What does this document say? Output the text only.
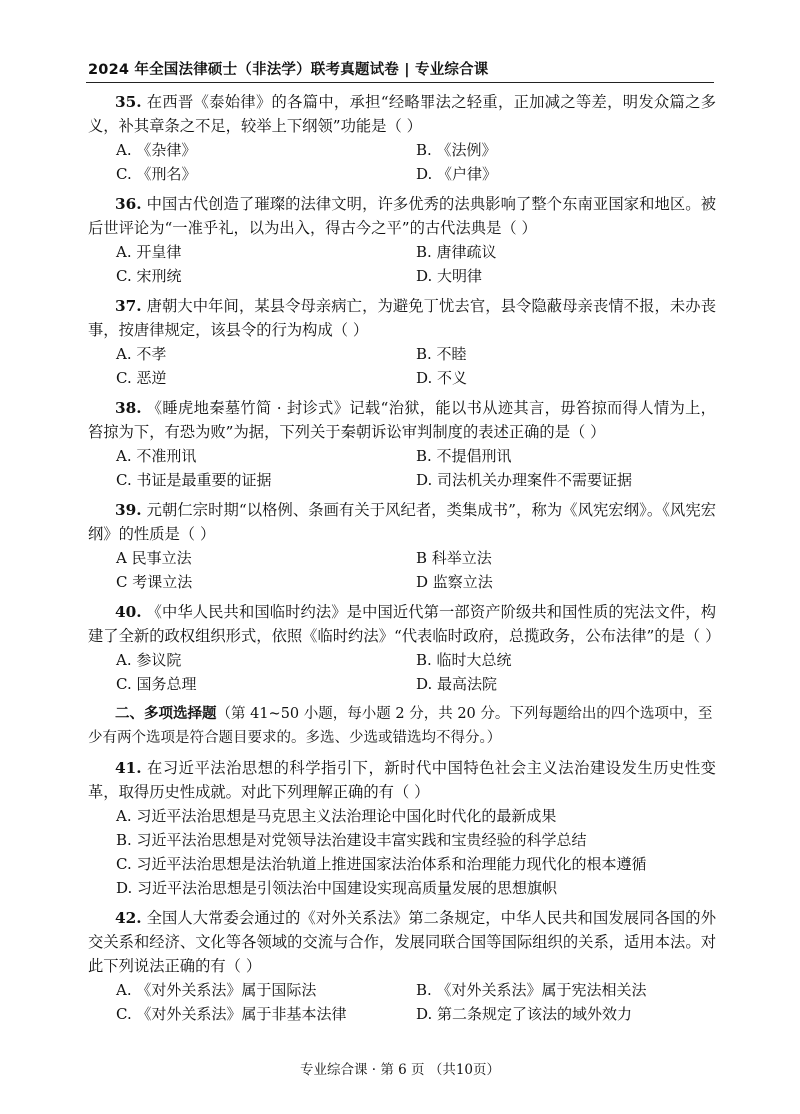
2024 年全国法律硕士（非法学）联考真题试卷 | 专业综合课
35. 在西晋《泰始律》的各篇中，承担“经略罪法之轻重，正加减之等差，明发众篇之多义，补其章条之不足，较举上下纲领”功能是（ ）
A. 《杂律》	B. 《法例》
C. 《刑名》	D. 《户律》
36. 中国古代创造了璀璨的法律文明，许多优秀的法典影响了整个东南亚国家和地区。被后世评论为“一准乎礼，以为出入，得古今之平”的古代法典是（ ）
A. 开皇律	B. 唐律疏议
C. 宋刑统	D. 大明律
37. 唐朝大中年间，某县令母亲病亡，为避免丁忧去官，县令隐蔽母亲丧情不报，未办丧事，按唐律规定，该县令的行为构成（ ）
A. 不孝	B. 不睦
C. 恶逆	D. 不义
38. 《睡虎地秦墓竹简 · 封诊式》记载“治狱，能以书从迹其言，毋笞掠而得人情为上，笞掠为下，有恐为败”为据，下列关于秦朝诉讼审判制度的表述正确的是（ ）
A. 不准刑讯	B. 不提倡刑讯
C. 书证是最重要的证据	D. 司法机关办理案件不需要证据
39. 元朝仁宗时期“以格例、条画有关于风纪者，类集成书”，称为《风宪宏纲》。《风宪宏纲》的性质是（ ）
A 民事立法	B 科举立法
C 考课立法	D 监察立法
40. 《中华人民共和国临时约法》是中国近代第一部资产阶级共和国性质的宪法文件，构建了全新的政权组织形式，依照《临时约法》“代表临时政府，总揽政务，公布法律”的是（ ）
A. 参议院	B. 临时大总统
C. 国务总理	D. 最高法院
二、多项选择题（第 41~50 小题，每小题 2 分，共 20 分。下列每题给出的四个选项中，至少有两个选项是符合题目要求的。多选、少选或错选均不得分。）
41. 在习近平法治思想的科学指引下，新时代中国特色社会主义法治建设发生历史性变革，取得历史性成就。对此下列理解正确的有（ ）
A. 习近平法治思想是马克思主义法治理论中国化时代化的最新成果
B. 习近平法治思想是对党领导法治建设丰富实践和宝贵经验的科学总结
C. 习近平法治思想是法治轨道上推进国家法治体系和治理能力现代化的根本遵循
D. 习近平法治思想是引领法治中国建设实现高质量发展的思想旗帜
42. 全国人大常委会通过的《对外关系法》第二条规定，中华人民共和国发展同各国的外交关系和经济、文化等各领域的交流与合作，发展同联合国等国际组织的关系，适用本法。对此下列说法正确的有（ ）
A. 《对外关系法》属于国际法	B. 《对外关系法》属于宪法相关法
C. 《对外关系法》属于非基本法律	D. 第二条规定了该法的域外效力
专业综合课 · 第 6 页 （共10页）
